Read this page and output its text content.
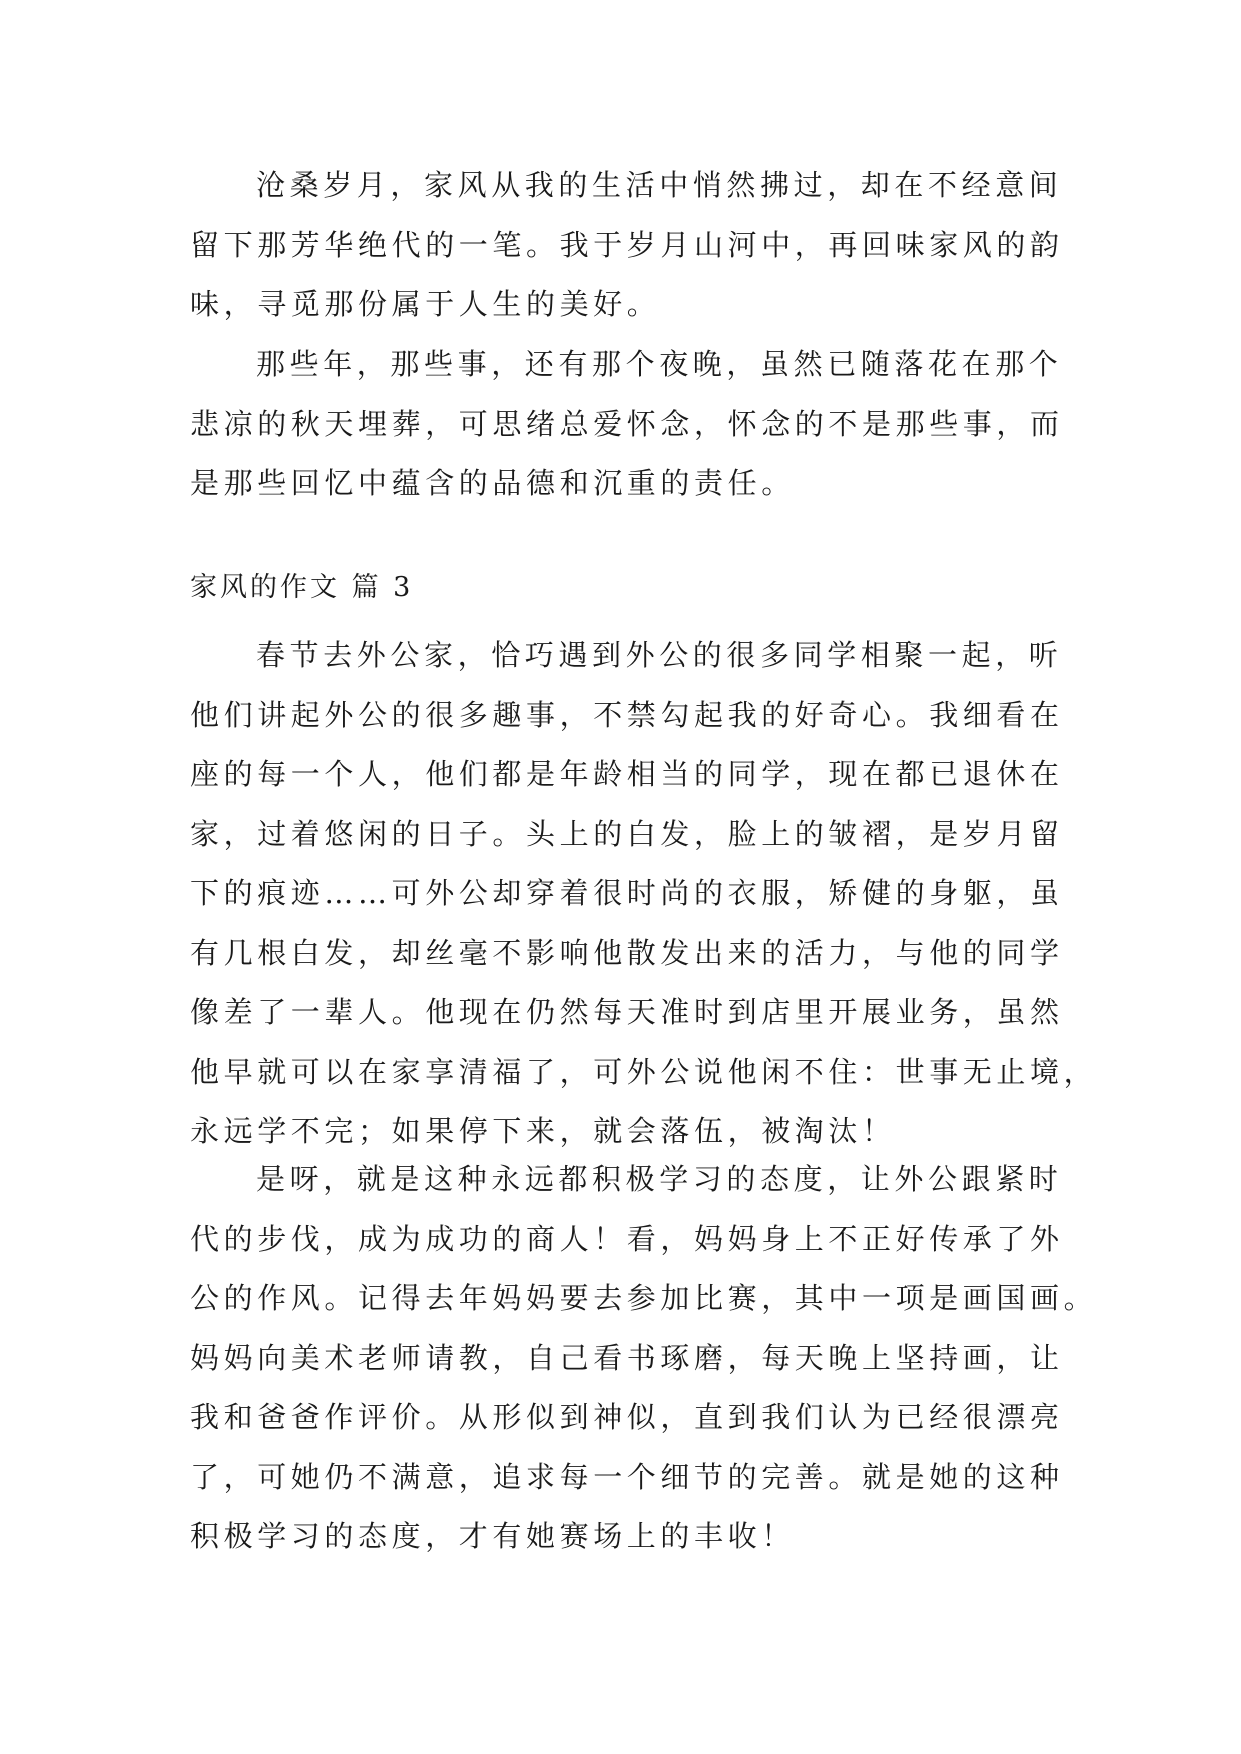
沧桑岁月，家风从我的生活中悄然拂过，却在不经意间
留下那芳华绝代的一笔。我于岁月山河中，再回味家风的韵
味，寻觅那份属于人生的美好。
那些年，那些事，还有那个夜晚，虽然已随落花在那个
悲凉的秋天埋葬，可思绪总爱怀念，怀念的不是那些事，而
是那些回忆中蕴含的品德和沉重的责任。
家风的作文 篇 3
春节去外公家，恰巧遇到外公的很多同学相聚一起，听
他们讲起外公的很多趣事，不禁勾起我的好奇心。我细看在
座的每一个人，他们都是年龄相当的同学，现在都已退休在
家，过着悠闲的日子。头上的白发，脸上的皱褶，是岁月留
下的痕迹……可外公却穿着很时尚的衣服，矫健的身躯，虽
有几根白发，却丝毫不影响他散发出来的活力，与他的同学
像差了一辈人。他现在仍然每天准时到店里开展业务，虽然
他早就可以在家享清福了，可外公说他闲不住：世事无止境，
永远学不完；如果停下来，就会落伍，被淘汰！
是呀，就是这种永远都积极学习的态度，让外公跟紧时
代的步伐，成为成功的商人！看，妈妈身上不正好传承了外
公的作风。记得去年妈妈要去参加比赛，其中一项是画国画。
妈妈向美术老师请教，自己看书琢磨，每天晚上坚持画，让
我和爸爸作评价。从形似到神似，直到我们认为已经很漂亮
了，可她仍不满意，追求每一个细节的完善。就是她的这种
积极学习的态度，才有她赛场上的丰收！
